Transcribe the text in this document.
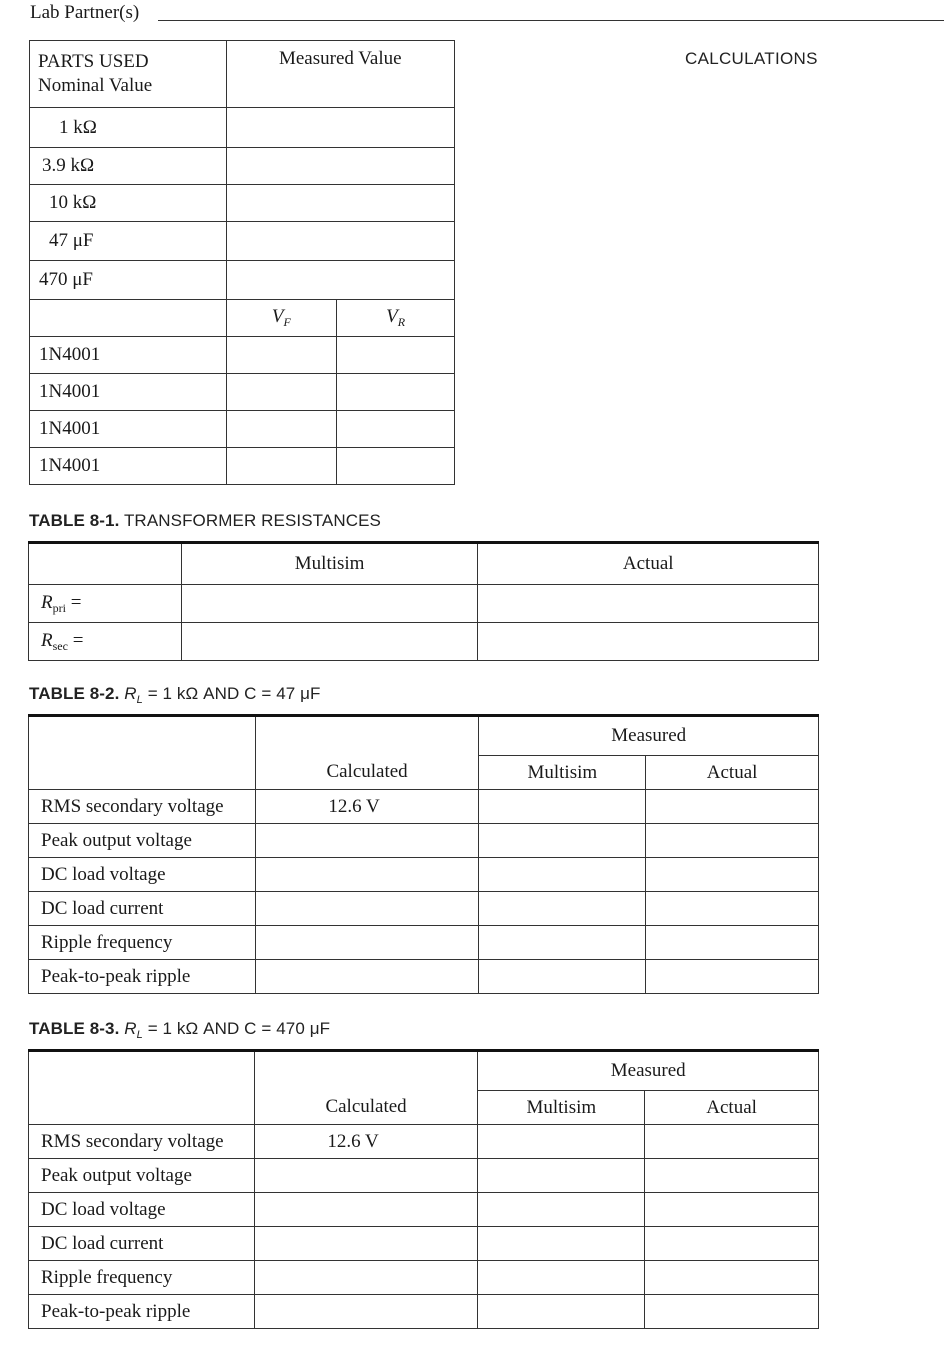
Lab Partner(s)
CALCULATIONS
PARTS USED
Nominal Value	Measured Value	
1 kΩ		
3.9 kΩ		
10 kΩ		
47 μF		
470 μF		
	$V_F$	$V_R$
1N4001		
1N4001		
1N4001		
1N4001		
TABLE 8-1. TRANSFORMER RESISTANCES
	Multisim	Actual
$R_{pri}$ =		
$R_{sec}$ =		
TABLE 8-2. $R_L = 1$ kΩ AND C = 47 μF
	Calculated	Measured	
		Multisim	Actual
RMS secondary voltage	12.6 V		
Peak output voltage			
DC load voltage			
DC load current			
Ripple frequency			
Peak-to-peak ripple			
TABLE 8-3. $R_L = 1$ kΩ AND C = 470 μF
	Calculated	Measured	
		Multisim	Actual
RMS secondary voltage	12.6 V		
Peak output voltage			
DC load voltage			
DC load current			
Ripple frequency			
Peak-to-peak ripple			
